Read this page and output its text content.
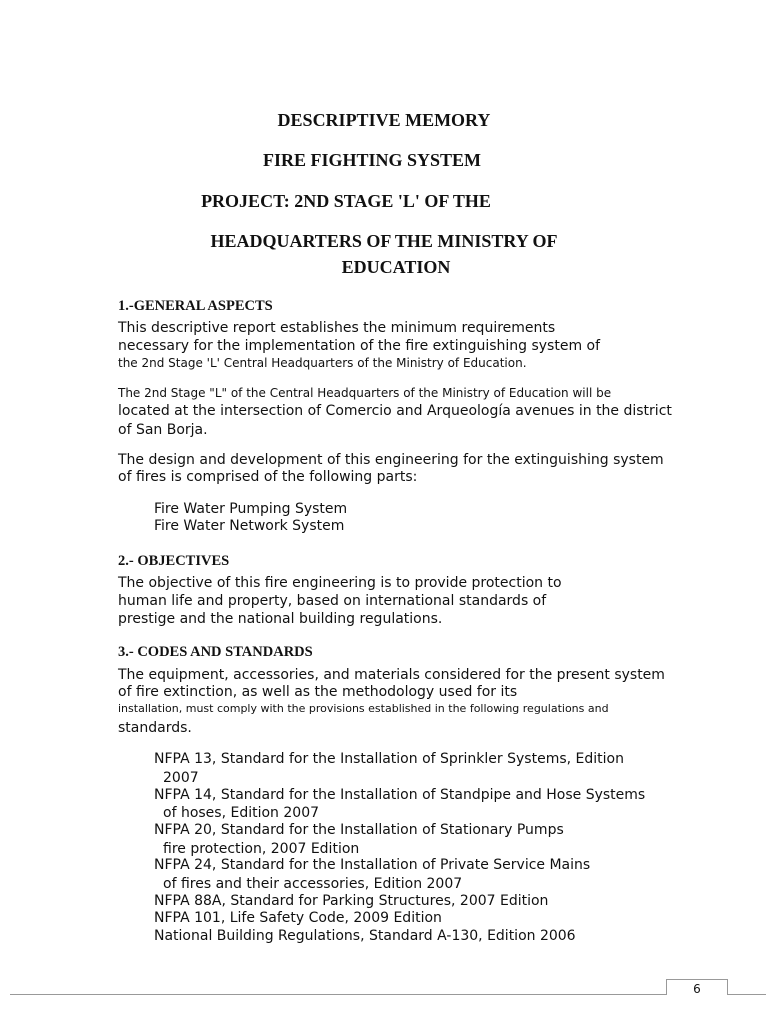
DESCRIPTIVE MEMORY
FIRE FIGHTING SYSTEM
PROJECT: 2ND STAGE 'L' OF THE
HEADQUARTERS OF THE MINISTRY OF
EDUCATION
1.-GENERAL ASPECTS

This descriptive report establishes the minimum requirements

necessary for the implementation of the fire extinguishing system of

the 2nd Stage 'L' Central Headquarters of the Ministry of Education.

The 2nd Stage "L" of the Central Headquarters of the Ministry of Education will be

located at the intersection of Comercio and Arqueología avenues in the district

of San Borja.

The design and development of this engineering for the extinguishing system

of fires is comprised of the following parts:

Fire Water Pumping System

Fire Water Network System

2.- OBJECTIVES

The objective of this fire engineering is to provide protection to

human life and property, based on international standards of

prestige and the national building regulations.

3.- CODES AND STANDARDS

The equipment, accessories, and materials considered for the present system

of fire extinction, as well as the methodology used for its

installation, must comply with the provisions established in the following regulations and

standards.

NFPA 13, Standard for the Installation of Sprinkler Systems, Edition

2007

NFPA 14, Standard for the Installation of Standpipe and Hose Systems

of hoses, Edition 2007

NFPA 20, Standard for the Installation of Stationary Pumps

fire protection, 2007 Edition

NFPA 24, Standard for the Installation of Private Service Mains

of fires and their accessories, Edition 2007

NFPA 88A, Standard for Parking Structures, 2007 Edition

NFPA 101, Life Safety Code, 2009 Edition

National Building Regulations, Standard A-130, Edition 2006

6
